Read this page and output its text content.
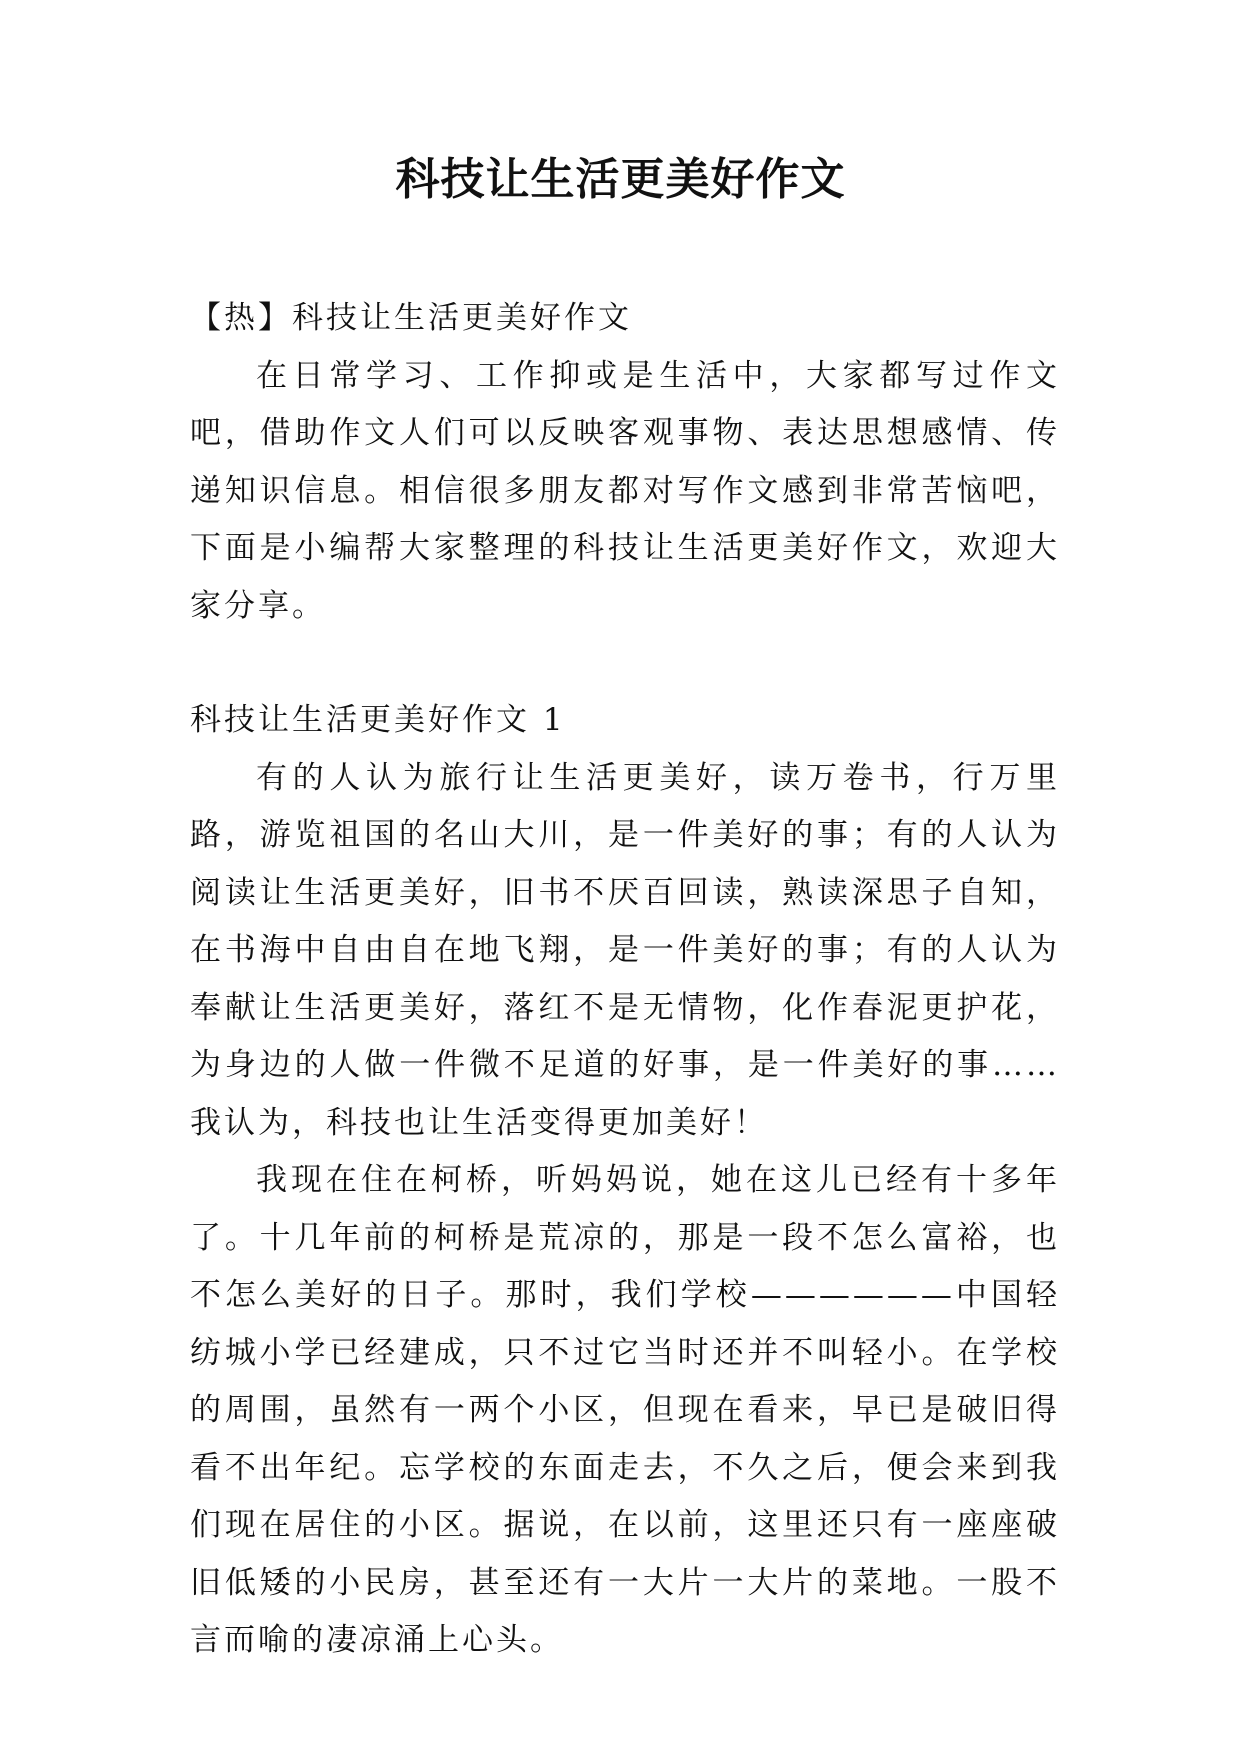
科技让生活更美好作文

【热】科技让生活更美好作文

在日常学习、工作抑或是生活中，大家都写过作文吧，借助作文人们可以反映客观事物、表达思想感情、传递知识信息。相信很多朋友都对写作文感到非常苦恼吧，下面是小编帮大家整理的科技让生活更美好作文，欢迎大家分享。

科技让生活更美好作文 1

有的人认为旅行让生活更美好，读万卷书，行万里路，游览祖国的名山大川，是一件美好的事；有的人认为阅读让生活更美好，旧书不厌百回读，熟读深思子自知，在书海中自由自在地飞翔，是一件美好的事；有的人认为奉献让生活更美好，落红不是无情物，化作春泥更护花，为身边的人做一件微不足道的好事，是一件美好的事……我认为，科技也让生活变得更加美好！

我现在住在柯桥，听妈妈说，她在这儿已经有十多年了。十几年前的柯桥是荒凉的，那是一段不怎么富裕，也不怎么美好的日子。那时，我们学校——————中国轻纺城小学已经建成，只不过它当时还并不叫轻小。在学校的周围，虽然有一两个小区，但现在看来，早已是破旧得看不出年纪。忘学校的东面走去，不久之后，便会来到我们现在居住的小区。据说，在以前，这里还只有一座座破旧低矮的小民房，甚至还有一大片一大片的菜地。一股不言而喻的凄凉涌上心头。
